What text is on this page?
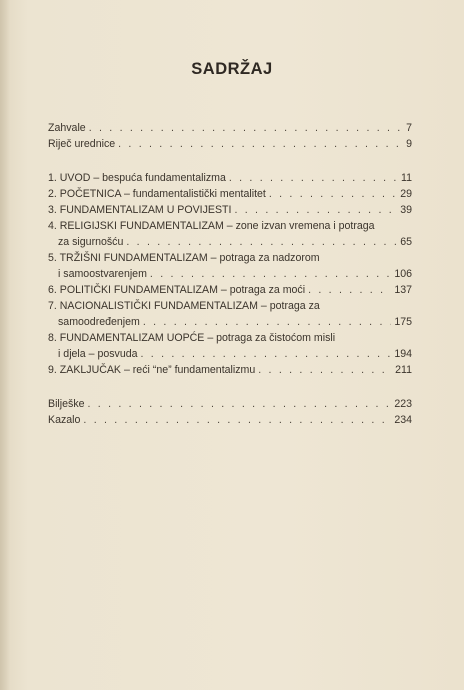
SADRŽAJ
Zahvale . . .	7
Riječ urednice . . .	9
1. UVOD – bespuća fundamentalizma . . .	11
2. POČETNICA – fundamentalistički mentalitet . . .	29
3. FUNDAMENTALIZAM U POVIJESTI . . .	39
4. RELIGIJSKI FUNDAMENTALIZAM – zone izvan vremena i potraga
za sigurnošću . . .	65
5. TRŽIŠNI FUNDAMENTALIZAM – potraga za nadzorom
i samoostvarenjem . . .	106
6. POLITIČKI FUNDAMENTALIZAM – potraga za moći . . .	137
7. NACIONALISTIČKI FUNDAMENTALIZAM – potraga za
samoodređenjem . . .	175
8. FUNDAMENTALIZAM UOPĆE – potraga za čistoćom misli
i djela – posvuda . . .	194
9. ZAKLJUČAK – reći “ne” fundamentalizmu . . .	211
Bilješke . . .	223
Kazalo . . .	234
